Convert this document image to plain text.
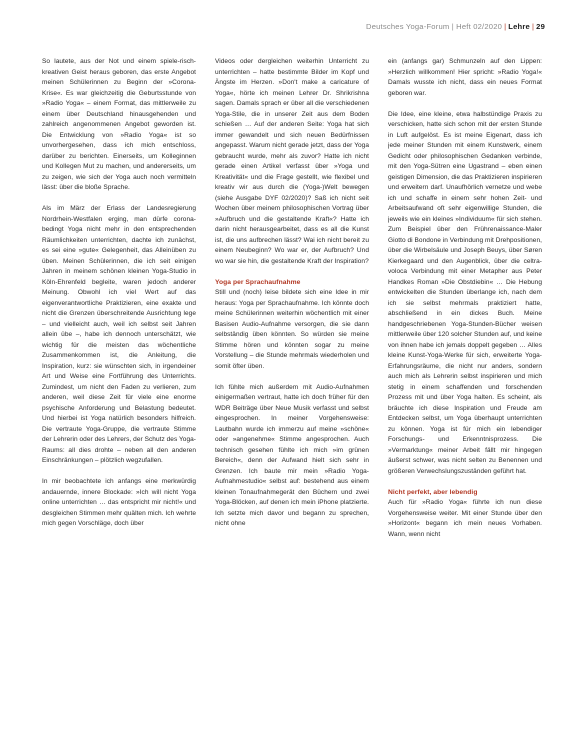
Deutsches Yoga-Forum | Heft 02/2020 | Lehre | 29

So lautete, aus der Not und einem spiele-risch-kreativen Geist heraus geboren, das erste Angebot meinen Schülerinnen zu Beginn der »Corona-Krise«. Es war gleichzeitig die Geburtsstunde von »Radio Yoga« – einem Format, das mittlerweile zu einem über Deutschland hinausgehenden und zahlreich angenommenen Angebot geworden ist. Die Entwicklung von »Radio Yoga« ist so unvorhergesehen, dass ich mich entschloss, darüber zu berichten. Einerseits, um Kolleginnen und Kollegen Mut zu machen, und andererseits, um zu zeigen, wie sich der Yoga auch noch vermitteln lässt: über die bloße Sprache.

Als im März der Erlass der Landesregierung Nordrhein-Westfalen erging, man dürfe corona-bedingt Yoga nicht mehr in den entsprechenden Räumlichkeiten unterrichten, dachte ich zunächst, es sei eine »gute« Gelegenheit, das Alleinüben zu üben. Meinen Schülerinnen, die ich seit einigen Jahren in meinem schönen kleinen Yoga-Studio in Köln-Ehrenfeld begleite, waren jedoch anderer Meinung. Obwohl ich viel Wert auf das eigenverantwortliche Praktizieren, eine exakte und nicht die Grenzen überschreitende Ausrichtung lege – und vielleicht auch, weil ich selbst seit Jahren allein übe –, habe ich dennoch unterschätzt, wie wichtig für die meisten das wöchentliche Zusammenkommen ist, die Anleitung, die Inspiration, kurz: sie wünschten sich, in irgendeiner Art und Weise eine Fortführung des Unterrichts. Zumindest, um nicht den Faden zu verlieren, zum anderen, weil diese Zeit für viele eine enorme psychische Anforderung und Belastung bedeutet. Und hierbei ist Yoga natürlich besonders hilfreich. Die vertraute Yoga-Gruppe, die vertraute Stimme der Lehrerin oder des Lehrers, der Schutz des Yoga-Raums: all dies drohte – neben all den anderen Einschränkungen – plötzlich wegzufallen.

In mir beobachtete ich anfangs eine merkwürdig andauernde, innere Blockade: »Ich will nicht Yoga online unterrichten … das entspricht mir nicht!« und desgleichen Stimmen mehr quälten mich. Ich wehrte mich gegen Vorschläge, doch über

Videos oder dergleichen weiterhin Unterricht zu unterrichten – hatte bestimmte Bilder im Kopf und Ängste im Herzen. »Don't make a caricature of Yoga«, hörte ich meinen Lehrer Dr. Shrikrishna sagen. Damals sprach er über all die verschiedenen Yoga-Stile, die in unserer Zeit aus dem Boden schießen … Auf der anderen Seite: Yoga hat sich immer gewandelt und sich neuen Bedürfnissen angepasst. Warum nicht gerade jetzt, dass der Yoga gebraucht wurde, mehr als zuvor? Hatte ich nicht gerade einen Artikel verfasst über »Yoga und Kreativität« und die Frage gestellt, wie flexibel und kreativ wir aus durch die (Yoga-)Welt bewegen (siehe Ausgabe DYF 02/2020)? Saß ich nicht seit Wochen über meinem philosophischen Vortrag über »Aufbruch und die gestaltende Kraft«? Hatte ich darin nicht herausgearbeitet, dass es all die Kunst ist, die uns aufbrechen lässt? Wai ich nicht bereit zu einem Neubeginn? Wo war er, der Aufbruch? Und wo war sie hin, die gestaltende Kraft der Inspiration?

Yoga per Sprachaufnahme

Still und (noch) leise bildete sich eine Idee in mir heraus: Yoga per Sprachaufnahme. Ich könnte doch meine Schülerinnen weiterhin wöchentlich mit einer Basisen Audio-Aufnahme versorgen, die sie dann selbständig üben könnten. So würden sie meine Stimme hören und könnten sogar zu meine Vorstellung – die Stunde mehrmals wiederholen und somit öfter üben.

Ich fühlte mich außerdem mit Audio-Aufnahmen einigermaßen vertraut, hatte ich doch früher für den WDR Beiträge über Neue Musik verfasst und selbst eingesprochen. In meiner Vorgehensweise: Lautbahn wurde ich immerzu auf meine »schöne« oder »angenehme« Stimme angesprochen. Auch technisch gesehen fühlte ich mich »im grünen Bereich«, denn der Aufwand hielt sich sehr in Grenzen. Ich baute mir mein »Radio Yoga-Aufnahmestudio« selbst auf: bestehend aus einem kleinen Tonaufnahmegerät den Büchern und zwei Yoga-Blöcken, auf denen ich mein iPhone platzierte. Ich setzte mich davor und begann zu sprechen, nicht ohne

ein (anfangs gar) Schmunzeln auf den Lippen: »Herzlich willkommen! Hier spricht: »Radio Yoga!« Damals wusste ich nicht, dass ein neues Format geboren war.

Die Idee, eine kleine, etwa halbstündige Praxis zu verschicken, hatte sich schon mit der ersten Stunde in Luft aufgelöst. Es ist meine Eigenart, dass ich jede meiner Stunden mit einem Kunstwerk, einem Gedicht oder philosophischen Gedanken verbinde, mit den Yoga-Sütren eine Ugastrand – eben einen geistigen Dimension, die das Praktizieren inspirieren und erweitern darf. Unaufhörlich vernetze und webe ich und schaffe in einem sehr hohen Zeit- und Arbeitsaufwand oft sehr eigenwillige Stunden, die jeweils wie ein kleines »Individuum« für sich stehen. Zum Beispiel über den Frührenaissance-Maler Giotto di Bondone in Verbindung mit Drehpositionen, über die Wirbelsäule und Joseph Beuys, über Søren Kierkegaard und den Augenblick, über die celtra-voloca Verbindung mit einer Metapher aus Peter Handkes Roman »Die Obstdiebin« … Die Hebung entwickelten die Stunden überlange ich, nach dem ich sie selbst mehrmals praktiziert hatte, abschließend in ein dickes Buch. Meine handgeschriebenen Yoga-Stunden-Bücher weisen mittlerweile über 120 solcher Stunden auf, und keine von ihnen habe ich jemals doppelt gegeben … Alles kleine Kunst-Yoga-Werke für sich, erweiterte Yoga-Erfahrungsräume, die nicht nur anders, sondern auch mich als Lehrerin selbst inspirieren und mich stetig in einem schaffenden und forschenden Prozess mit und über Yoga halten. Es scheint, als bräuchte ich diese Inspiration und Freude am Entdecken selbst, um Yoga überhaupt unterrichten zu können. Yoga ist für mich ein lebendiger Forschungs- und Erkenntnisprozess. Die »Vermarktung« meiner Arbeit fällt mir hingegen äußerst schwer, was nicht selten zu Benennen und größeren Verwechslungszuständen geführt hat.

Nicht perfekt, aber lebendig

Auch für »Radio Yoga« führte ich nun diese Vorgehensweise weiter. Mit einer Stunde über den »Horizont« begann ich mein neues Vorhaben. Wann, wenn nicht
